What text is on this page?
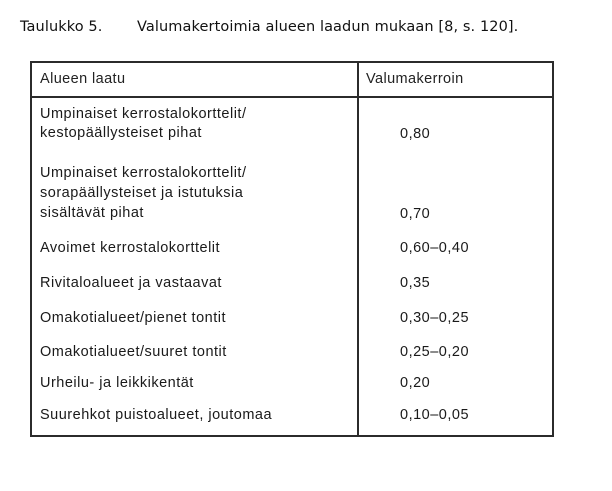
Taulukko 5. Valumakertoimia alueen laadun mukaan [8, s. 120].
Alueen laatu	Valumakerroin
Umpinaiset kerrostalokorttelit/
kestopäällysteiset pihat	0,80
Umpinaiset kerrostalokorttelit/
sorapäällysteiset ja istutuksia
sisältävät pihat	0,70
Avoimet kerrostalokorttelit	0,60–0,40
Rivitaloalueet ja vastaavat	0,35
Omakotialueet/pienet tontit	0,30–0,25
Omakotialueet/suuret tontit	0,25–0,20
Urheilu- ja leikkikentät	0,20
Suurehkot puistoalueet, joutomaa	0,10–0,05
